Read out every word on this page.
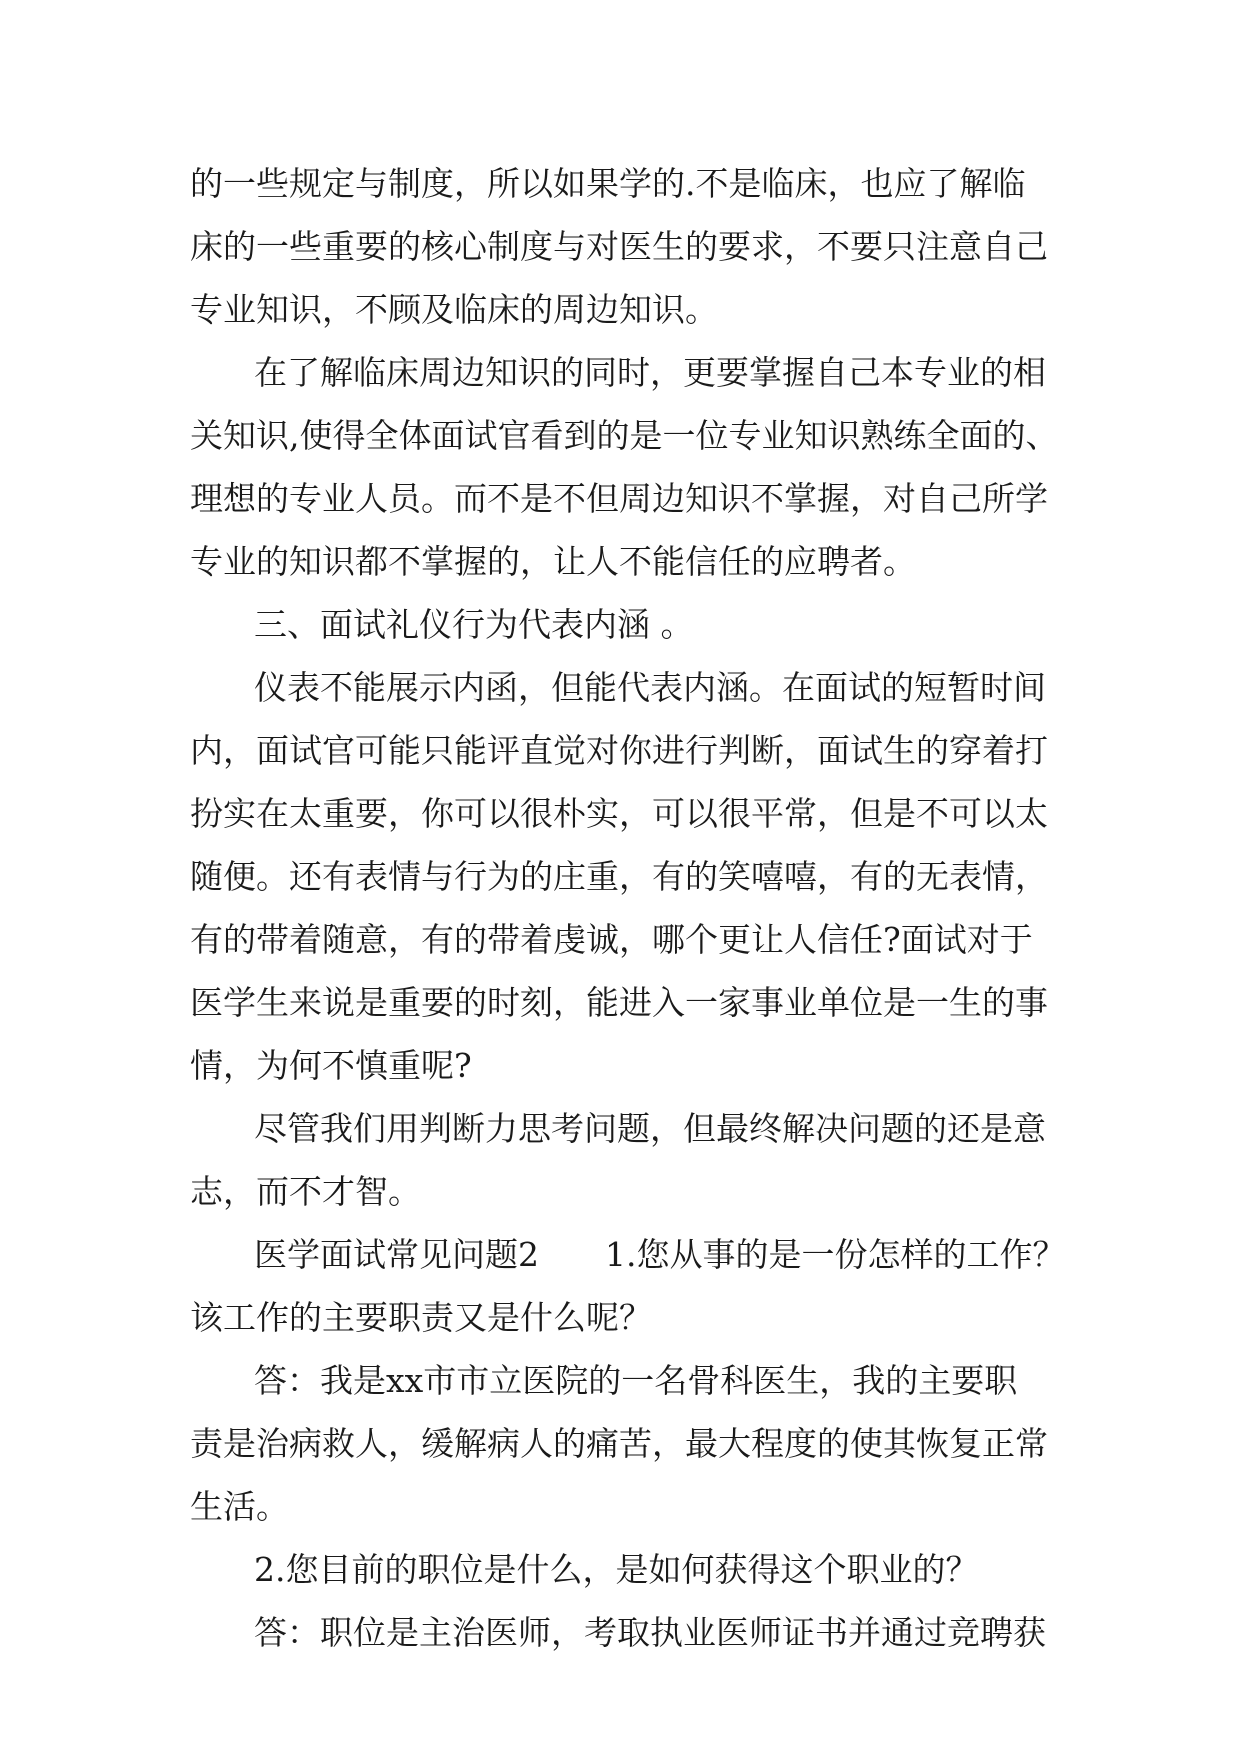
的一些规定与制度，所以如果学的.不是临床，也应了解临
床的一些重要的核心制度与对医生的要求，不要只注意自己
专业知识，不顾及临床的周边知识。
在了解临床周边知识的同时，更要掌握自己本专业的相
关知识,使得全体面试官看到的是一位专业知识熟练全面的、
理想的专业人员。而不是不但周边知识不掌握，对自己所学
专业的知识都不掌握的，让人不能信任的应聘者。
三、面试礼仪行为代表内涵 。
仪表不能展示内函，但能代表内涵。在面试的短暂时间
内，面试官可能只能评直觉对你进行判断，面试生的穿着打
扮实在太重要，你可以很朴实，可以很平常，但是不可以太
随便。还有表情与行为的庄重，有的笑嘻嘻，有的无表情，
有的带着随意，有的带着虔诚，哪个更让人信任?面试对于
医学生来说是重要的时刻，能进入一家事业单位是一生的事
情，为何不慎重呢?
尽管我们用判断力思考问题，但最终解决问题的还是意
志，而不才智。
医学面试常见问题2　　1.您从事的是一份怎样的工作？
该工作的主要职责又是什么呢？
答：我是xx市市立医院的一名骨科医生，我的主要职
责是治病救人，缓解病人的痛苦，最大程度的使其恢复正常
生活。
2.您目前的职位是什么，是如何获得这个职业的？
答：职位是主治医师，考取执业医师证书并通过竞聘获
